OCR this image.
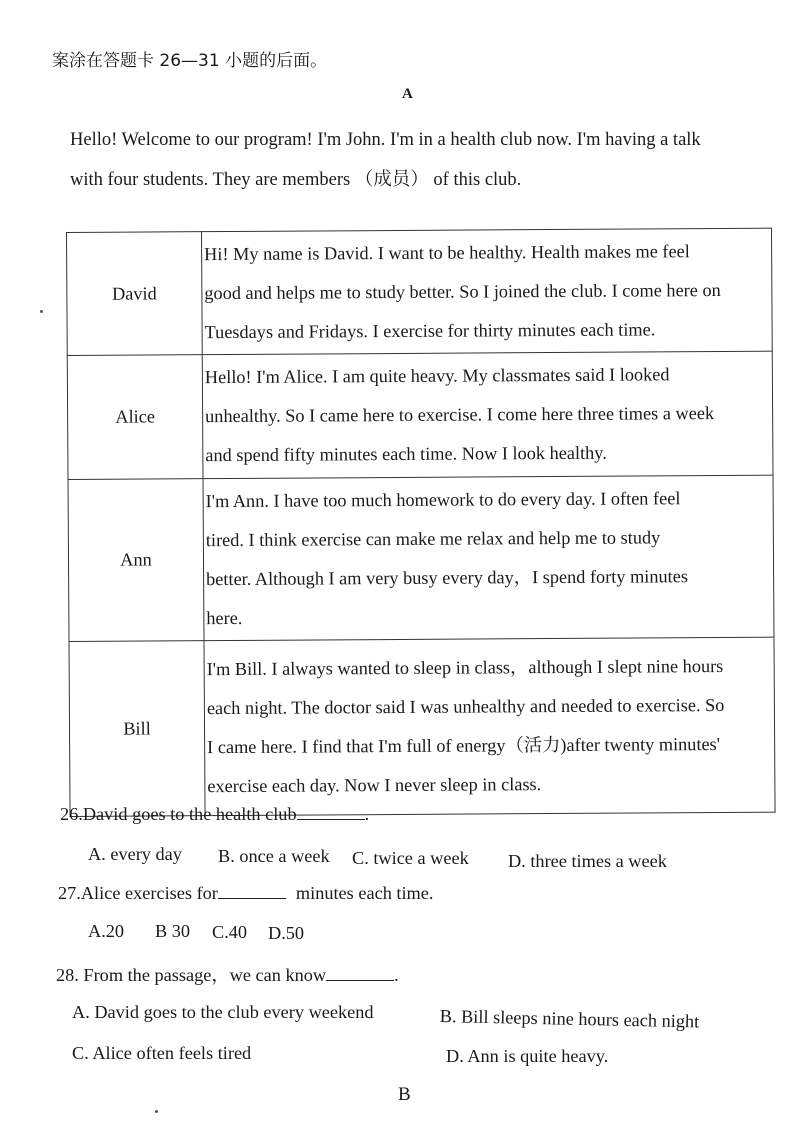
案涂在答题卡 26—31 小题的后面。
A

Hello! Welcome to our program! I'm John. I'm in a health club now. I'm having a talk

with four students. They are members （成员） of this club.

David	Hi! My name is David. I want to be healthy. Health makes me feel
good and helps me to study better. So I joined the club. I come here on
Tuesdays and Fridays. I exercise for thirty minutes each time.

Alice	Hello! I'm Alice. I am quite heavy. My classmates said I looked
unhealthy. So I came here to exercise. I come here three times a week
and spend fifty minutes each time. Now I look healthy.

Ann	I'm Ann. I have too much homework to do every day. I often feel
tired. I think exercise can make me relax and help me to study
better. Although I am very busy every day，I spend forty minutes
here.

Bill	I'm Bill. I always wanted to sleep in class，although I slept nine hours
each night. The doctor said I was unhealthy and needed to exercise. So
I came here. I find that I'm full of energy（活力)after twenty minutes'
exercise each day. Now I never sleep in class.
26.David goes to the health club	.
A. every day B. once a week C. twice a week D. three times a week
27.Alice exercises for	minutes each time.
A.20 B 30 C.40 D.50
28. From the passage，we can know	.
A. David goes to the club every weekend	B. Bill sleeps nine hours each night
C. Alice often feels tired	D. Ann is quite heavy.
B
